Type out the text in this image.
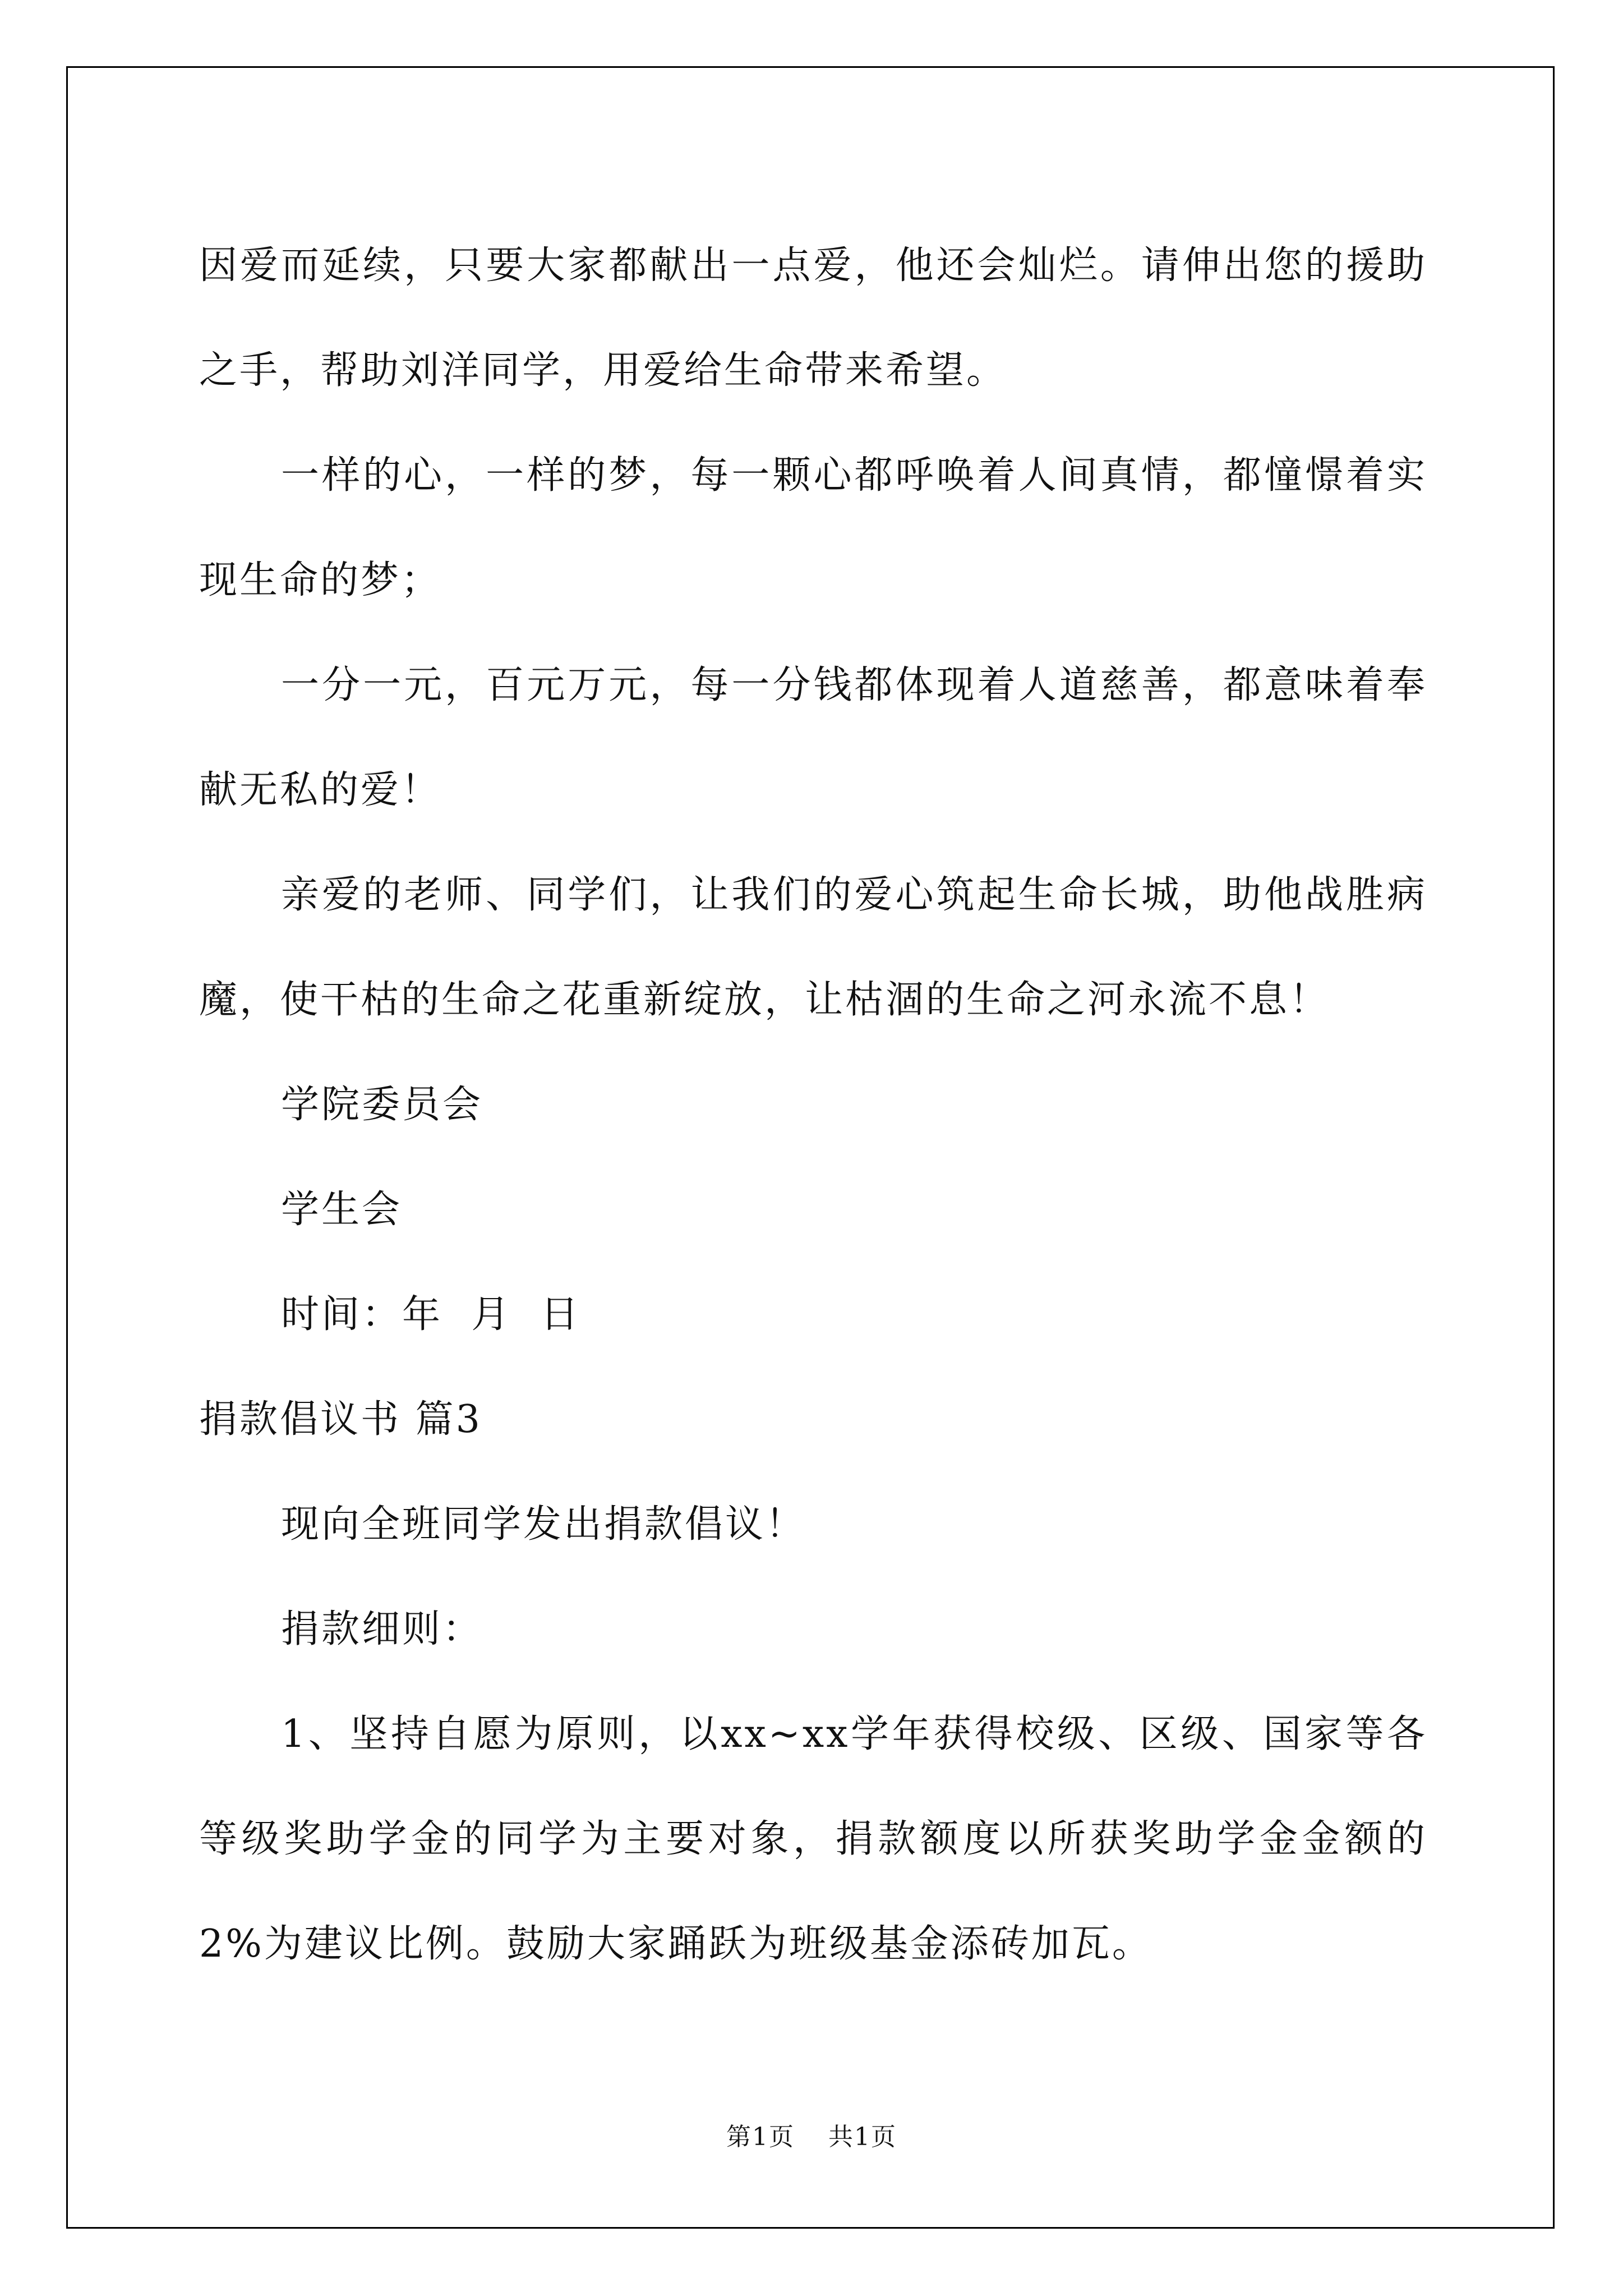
因爱而延续，只要大家都献出一点爱，他还会灿烂。请伸出您的援助之手，帮助刘洋同学，用爱给生命带来希望。

一样的心，一样的梦，每一颗心都呼唤着人间真情，都憧憬着实现生命的梦；

一分一元，百元万元，每一分钱都体现着人道慈善，都意味着奉献无私的爱！

亲爱的老师、同学们，让我们的爱心筑起生命长城，助他战胜病魔，使干枯的生命之花重新绽放，让枯涸的生命之河永流不息！

学院委员会

学生会

时间：年  月  日

捐款倡议书 篇3

现向全班同学发出捐款倡议！

捐款细则：

1、坚持自愿为原则，以xx~xx学年获得校级、区级、国家等各等级奖助学金的同学为主要对象，捐款额度以所获奖助学金金额的2%为建议比例。鼓励大家踊跃为班级基金添砖加瓦。

第1页 共1页
